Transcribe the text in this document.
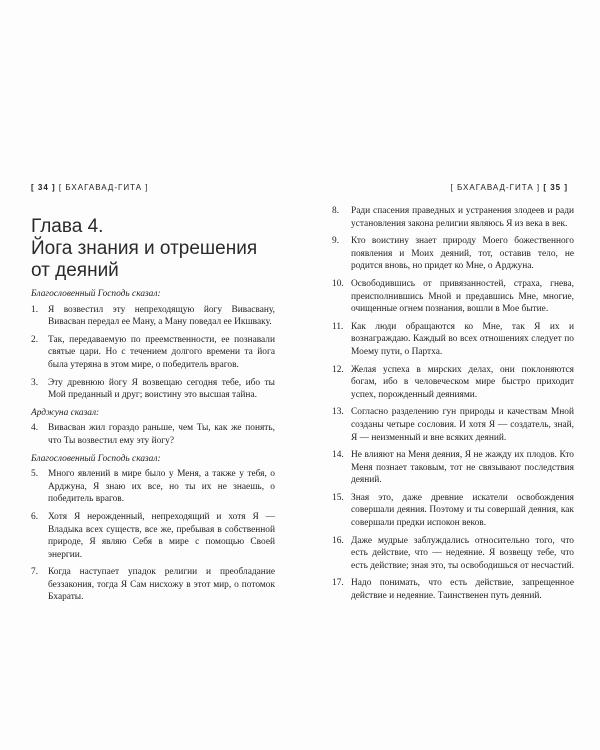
[ 34 ] [ БХАГАВАД-ГИТА ]
Глава 4.
Йога знания и отрешения
от деяний
Благословенный Господь сказал:
1.	Я возвестил эту непреходящую йогу Вивасвану, Вивасван передал ее Ману, а Ману поведал ее Икшваку.
2.	Так, передаваемую по преемственности, ее познавали святые цари. Но с течением долгого времени та йога была утеряна в этом мире, о победитель врагов.
3.	Эту древнюю йогу Я возвещаю сегодня тебе, ибо ты Мой преданный и друг; воистину это высшая тайна.
Арджуна сказал:
4.	Вивасван жил гораздо раньше, чем Ты, как же понять, что Ты возвестил ему эту йогу?
Благословенный Господь сказал:
5.	Много явлений в мире было у Меня, а также у тебя, о Арджуна, Я знаю их все, но ты их не знаешь, о победитель врагов.
6.	Хотя Я нерожденный, непреходящий и хотя Я — Владыка всех существ, все же, пребывая в собственной природе, Я являю Себя в мире с помощью Своей энергии.
7.	Когда наступает упадок религии и преобладание беззакония, тогда Я Сам нисхожу в этот мир, о потомок Бхараты.
[ БХАГАВАД-ГИТА ] [ 35 ]
8.	Ради спасения праведных и устранения злодеев и ради установления закона религии являюсь Я из века в век.
9.	Кто воистину знает природу Моего божественного появления и Моих деяний, тот, оставив тело, не родится вновь, но придет ко Мне, о Арджуна.
10. Освободившись от привязанностей, страха, гнева, преисполнившись Мной и предавшись Мне, многие, очищенные огнем познания, вошли в Мое бытие.
11. Как люди обращаются ко Мне, так Я их и вознаграждаю. Каждый во всех отношениях следует по Моему пути, о Партха.
12. Желая успеха в мирских делах, они поклоняются богам, ибо в человеческом мире быстро приходит успех, порожденный деяниями.
13. Согласно разделению гун природы и качествам Мной созданы четыре сословия. И хотя Я — создатель, знай, Я — неизменный и вне всяких деяний.
14. Не влияют на Меня деяния, Я не жажду их плодов. Кто Меня познает таковым, тот не связывают последствия деяний.
15. Зная это, даже древние искатели освобождения совершали деяния. Поэтому и ты совершай деяния, как совершали предки испокон веков.
16. Даже мудрые заблуждались относительно того, что есть действие, что — недеяние. Я возвещу тебе, что есть действие; зная это, ты освободишься от несчастий.
17. Надо понимать, что есть действие, запрещенное действие и недеяние. Таинственен путь деяний.
